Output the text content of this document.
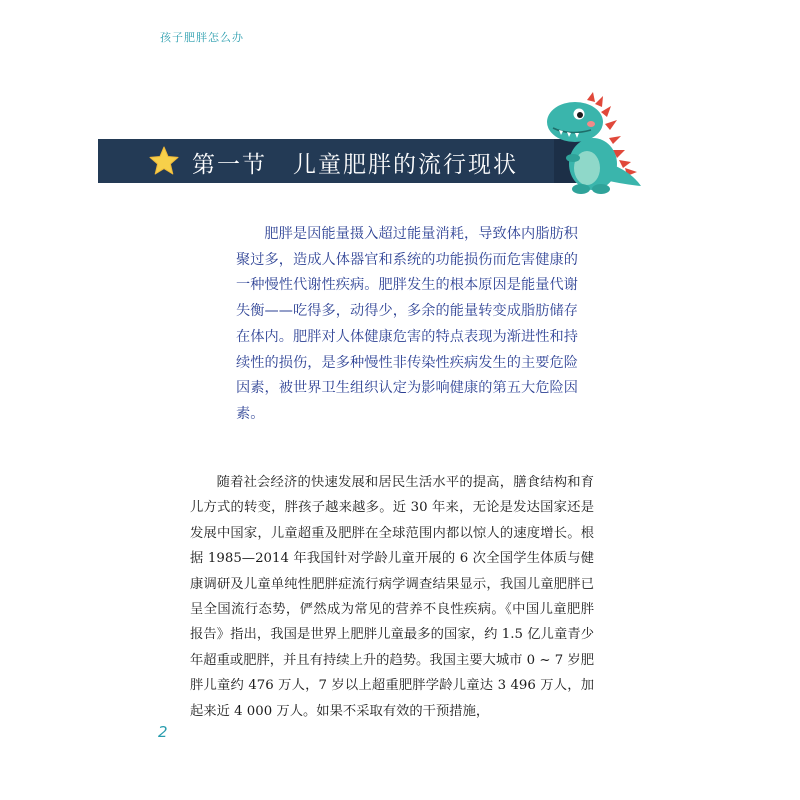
孩子肥胖怎么办
第一节 儿童肥胖的流行现状

肥胖是因能量摄入超过能量消耗，导致体内脂肪积聚过多，造成人体器官和系统的功能损伤而危害健康的一种慢性代谢性疾病。肥胖发生的根本原因是能量代谢失衡——吃得多，动得少，多余的能量转变成脂肪储存在体内。肥胖对人体健康危害的特点表现为渐进性和持续性的损伤，是多种慢性非传染性疾病发生的主要危险因素，被世界卫生组织认定为影响健康的第五大危险因素。

随着社会经济的快速发展和居民生活水平的提高，膳食结构和育儿方式的转变，胖孩子越来越多。近 30 年来，无论是发达国家还是发展中国家，儿童超重及肥胖在全球范围内都以惊人的速度增长。根据 1985—2014 年我国针对学龄儿童开展的 6 次全国学生体质与健康调研及儿童单纯性肥胖症流行病学调查结果显示，我国儿童肥胖已呈全国流行态势，俨然成为常见的营养不良性疾病。《中国儿童肥胖报告》指出，我国是世界上肥胖儿童最多的国家，约 1.5 亿儿童青少年超重或肥胖，并且有持续上升的趋势。我国主要大城市 0 ~ 7 岁肥胖儿童约 476 万人，7 岁以上超重肥胖学龄儿童达 3 496 万人，加起来近 4 000 万人。如果不采取有效的干预措施，

2
